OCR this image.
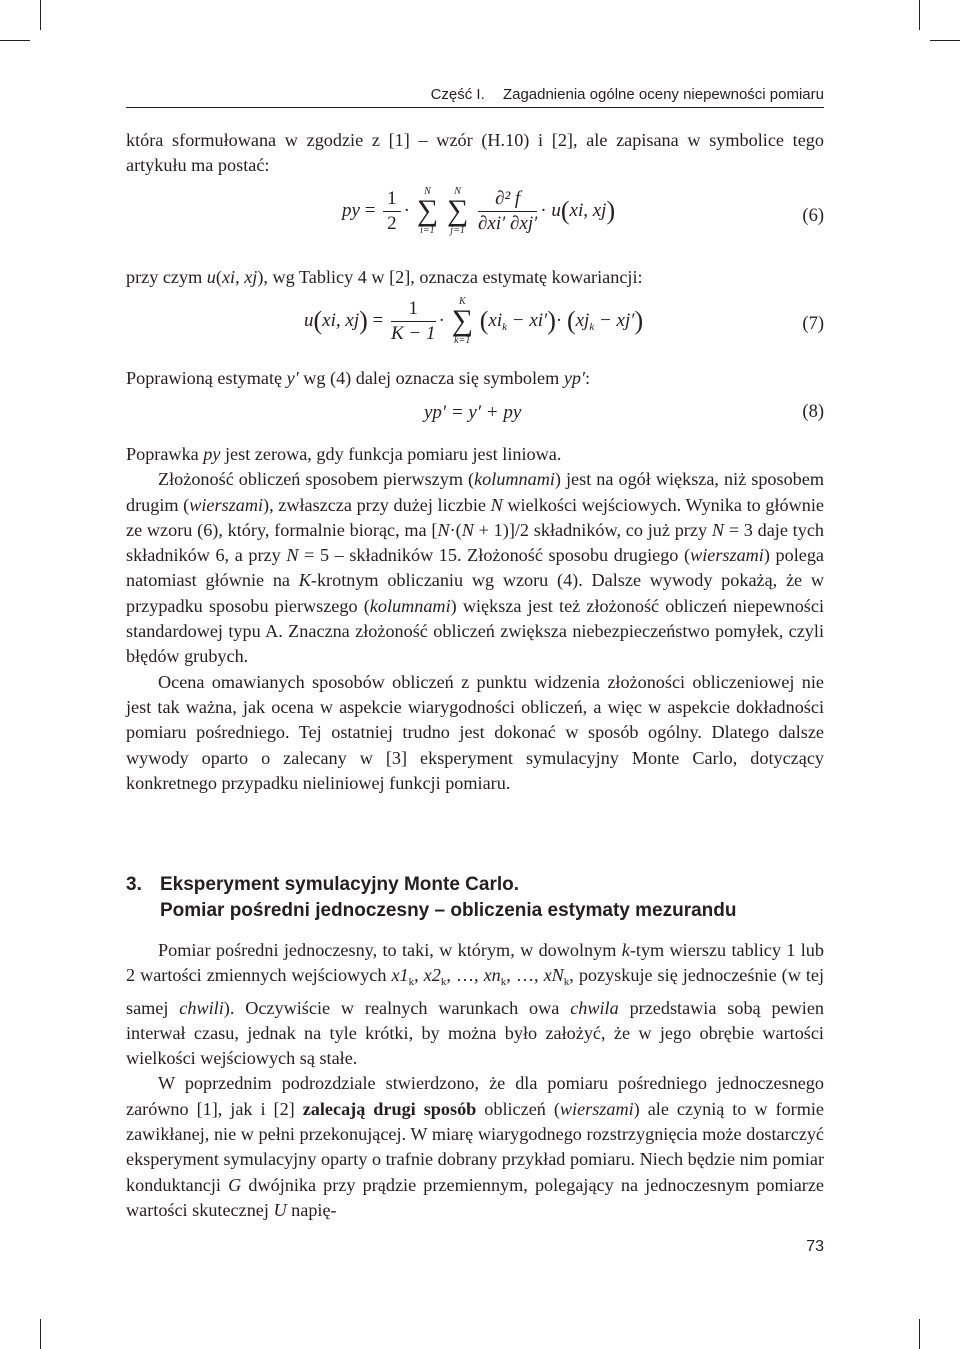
Część I. Zagadnienia ogólne oceny niepewności pomiaru

która sformułowana w zgodzie z [1] – wzór (H.10) i [2], ale zapisana w symbolice tego artykułu ma postać:

py = $\frac{1}{2}$ ·
N
∑
i=1

N
∑
j=1
$\frac{\text{∂² f}}{\partial xi' \partial xj'} \cdot u(xi$, xj)	(6)

przy czym u(xi, xj), wg Tablicy 4 w [2], oznacza estymatę kowariancji:

u(xi, $xj) = \frac{1}{K - 1}$ ·
K
∑
k=1
$(xi_k - xi')\cdot (xj_k - xj')$	(7)

Poprawioną estymatę y′ wg (4) dalej oznacza się symbolem yp′:

yp′ = y′ + py	(8)

Poprawka py jest zerowa, gdy funkcja pomiaru jest liniowa.

Złożoność obliczeń sposobem pierwszym (kolumnami) jest na ogół większa, niż sposobem drugim (wierszami), zwłaszcza przy dużej liczbie N wielkości wejściowych. Wynika to głównie ze wzoru (6), który, formalnie biorąc, ma [N·(N + 1)]/2 składników, co już przy N = 3 daje tych składników 6, a przy N = 5 – składników 15. Złożoność sposobu drugiego (wierszami) polega natomiast głównie na K-krotnym obliczaniu wg wzoru (4). Dalsze wywody pokażą, że w przypadku sposobu pierwszego (kolumnami) większa jest też złożoność obliczeń niepewności standardowej typu A. Znaczna złożoność obliczeń zwiększa niebezpieczeństwo pomyłek, czyli błędów grubych.

Ocena omawianych sposobów obliczeń z punktu widzenia złożoności obliczeniowej nie jest tak ważna, jak ocena w aspekcie wiarygodności obliczeń, a więc w aspekcie dokładności pomiaru pośredniego. Tej ostatniej trudno jest dokonać w sposób ogólny. Dlatego dalsze wywody oparto o zalecany w [3] eksperyment symulacyjny Monte Carlo, dotyczący konkretnego przypadku nieliniowej funkcji pomiaru.

3. Eksperyment symulacyjny Monte Carlo.
Pomiar pośredni jednoczesny – obliczenia estymaty mezurandu

Pomiar pośredni jednoczesny, to taki, w którym, w dowolnym k-tym wierszu tablicy 1 lub 2 wartości zmiennych wejściowych $x1_k$, $x2_k$, …, $xn_k$, …, $xN_k$, pozyskuje się jednocześnie (w tej samej chwili). Oczywiście w realnych warunkach owa chwila przedstawia sobą pewien interwał czasu, jednak na tyle krótki, by można było założyć, że w jego obrębie wartości wielkości wejściowych są stałe.

W poprzednim podrozdziale stwierdzono, że dla pomiaru pośredniego jednoczesnego zarówno [1], jak i [2] zalecają drugi sposób obliczeń (wierszami) ale czynią to w formie zawikłanej, nie w pełni przekonującej. W miarę wiarygodnego rozstrzygnięcia może dostarczyć eksperyment symulacyjny oparty o trafnie dobrany przykład pomiaru. Niech będzie nim pomiar konduktancji G dwójnika przy prądzie przemiennym, polegający na jednoczesnym pomiarze wartości skutecznej U napię-

73
